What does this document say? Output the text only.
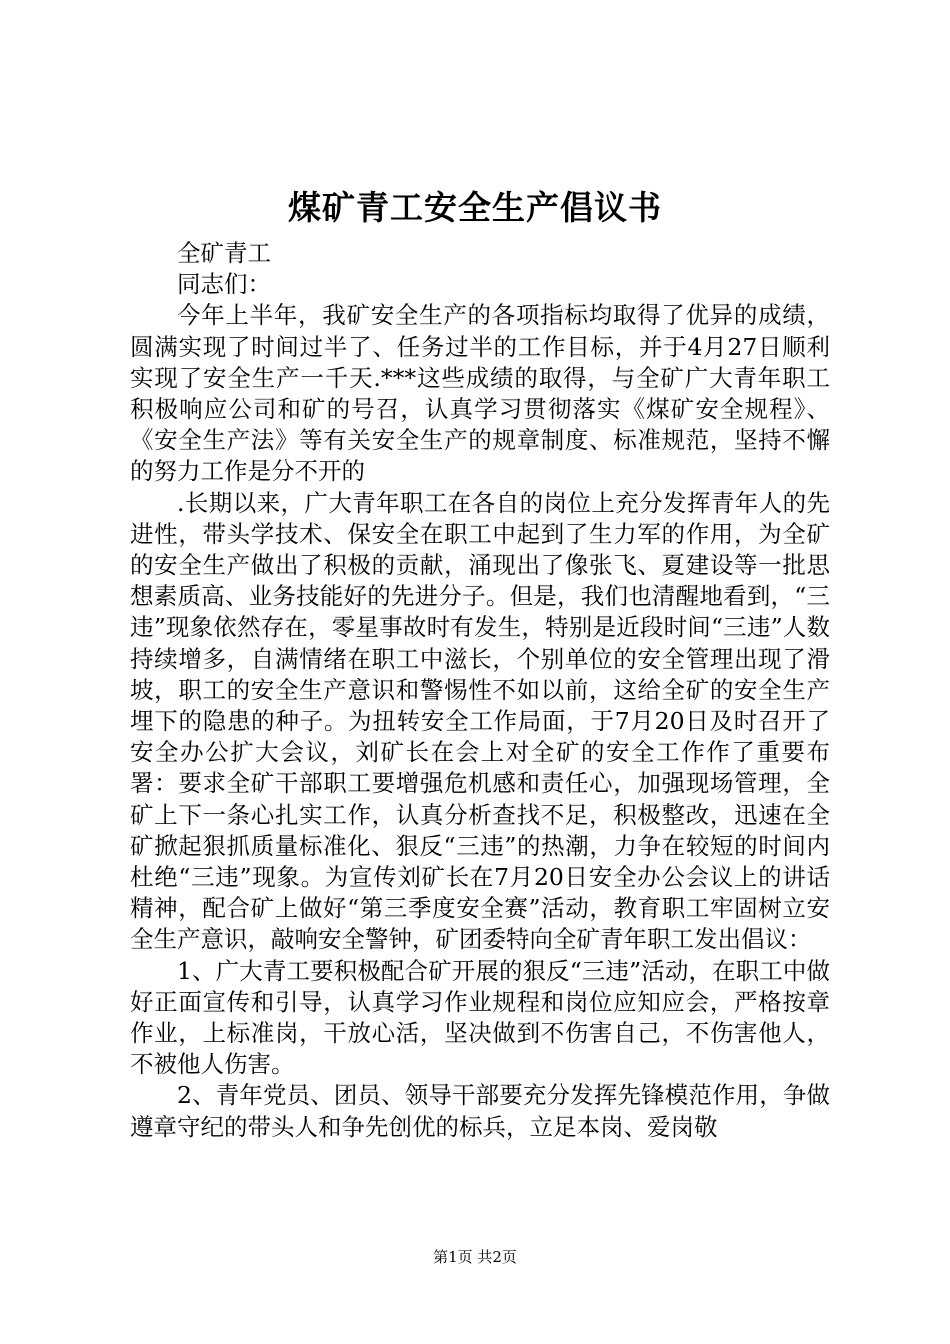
煤矿青工安全生产倡议书

全矿青工

同志们：

今年上半年，我矿安全生产的各项指标均取得了优异的成绩，圆满实现了时间过半了、任务过半的工作目标，并于4月27日顺利实现了安全生产一千天.***这些成绩的取得，与全矿广大青年职工积极响应公司和矿的号召，认真学习贯彻落实《煤矿安全规程》、《安全生产法》等有关安全生产的规章制度、标准规范，坚持不懈的努力工作是分不开的

.长期以来，广大青年职工在各自的岗位上充分发挥青年人的先进性，带头学技术、保安全在职工中起到了生力军的作用，为全矿的安全生产做出了积极的贡献，涌现出了像张飞、夏建设等一批思想素质高、业务技能好的先进分子。但是，我们也清醒地看到，“三违”现象依然存在，零星事故时有发生，特别是近段时间“三违”人数持续增多，自满情绪在职工中滋长，个别单位的安全管理出现了滑坡，职工的安全生产意识和警惕性不如以前，这给全矿的安全生产埋下的隐患的种子。为扭转安全工作局面，于7月20日及时召开了安全办公扩大会议，刘矿长在会上对全矿的安全工作作了重要布署：要求全矿干部职工要增强危机感和责任心，加强现场管理，全矿上下一条心扎实工作，认真分析查找不足，积极整改，迅速在全矿掀起狠抓质量标准化、狠反“三违”的热潮，力争在较短的时间内杜绝“三违”现象。为宣传刘矿长在7月20日安全办公会议上的讲话精神，配合矿上做好“第三季度安全赛”活动，教育职工牢固树立安全生产意识，敲响安全警钟，矿团委特向全矿青年职工发出倡议：

1、广大青工要积极配合矿开展的狠反“三违”活动，在职工中做好正面宣传和引导，认真学习作业规程和岗位应知应会，严格按章作业，上标准岗，干放心活，坚决做到不伤害自己，不伤害他人，不被他人伤害。

2、青年党员、团员、领导干部要充分发挥先锋模范作用，争做遵章守纪的带头人和争先创优的标兵，立足本岗、爱岗敬

第1页 共2页
